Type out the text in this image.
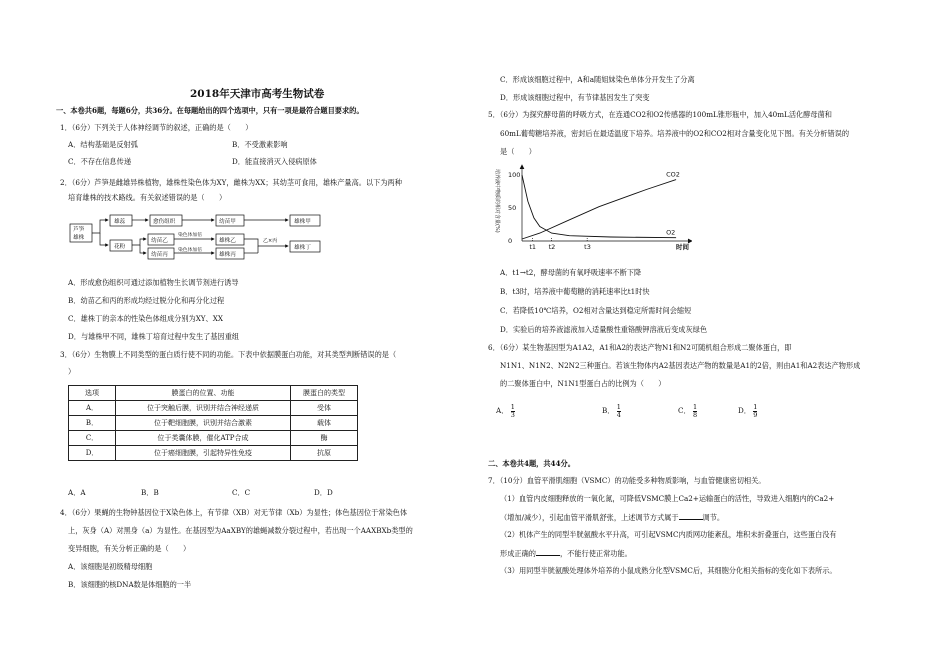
2018年天津市高考生物试卷
一、本卷共6题，每题6分，共36分。在每题给出的四个选项中，只有一项是最符合题目要求的。
1．（6分）下列关于人体神经调节的叙述，正确的是（　　）
A．结构基础是反射弧	B．不受激素影响
C．不存在信息传递	D．能直接消灭入侵病原体
2．（6分）芦笋是雌雄异株植物，雄株性染色体为XY，雌株为XX；其幼茎可食用，雄株产量高。以下为两种
培育雄株的技术路线。有关叙述错误的是（　　）
芦笋
雄株
雄蕊	愈伤组织	幼苗甲	雄株甲
花粉
幼苗乙	雄株乙
幼苗丙	雄株丙
雄株丁
染色体加倍
染色体加倍
乙×丙
A．形成愈伤组织可通过添加植物生长调节剂进行诱导
B．幼苗乙和丙的形成均经过脱分化和再分化过程
C．雄株丁的亲本的性染色体组成分别为XY、XX
D．与雄株甲不同，雄株丁培育过程中发生了基因重组
3．（6分）生物膜上不同类型的蛋白质行使不同的功能。下表中依据膜蛋白功能，对其类型判断错误的是（
）
选项	膜蛋白的位置、功能	膜蛋白的类型
A．	位于突触后膜，识别并结合神经递质	受体
B．	位于靶细胞膜，识别并结合激素	载体
C．	位于类囊体膜，催化ATP合成	酶
D．	位于癌细胞膜，引起特异性免疫	抗原
A．A	B．B	C．C	D．D
4．（6分）果蝇的生物钟基因位于X染色体上，有节律（XB）对无节律（Xb）为显性；体色基因位于常染色体
上，灰身（A）对黑身（a）为显性。在基因型为AaXBY的雄蝇减数分裂过程中，若出现一个AAXBXb类型的
变异细胞，有关分析正确的是（　　）
A．该细胞是初级精母细胞
B．该细胞的核DNA数是体细胞的一半
C．形成该细胞过程中，A和a随姐妹染色单体分开发生了分离
D．形成该细胞过程中，有节律基因发生了突变
5．（6分）为探究酵母菌的呼吸方式，在连通CO2和O2传感器的100mL锥形瓶中，加入40mL活化酵母菌和
60mL葡萄糖培养液，密封后在最适温度下培养。培养液中的O2和CO2相对含量变化见下图。有关分析错误的
是（　　）
t1 t2	t3
100
50
0
时间
培养液中物质的相对含量(%)	CO2
O2
A．t1→t2，酵母菌的有氧呼吸速率不断下降
B．t3时，培养液中葡萄糖的消耗速率比t1时快
C．若降低10℃培养，O2相对含量达到稳定所需时间会缩短
D．实验后的培养液滤液加入适量酸性重铬酸钾溶液后变成灰绿色
6．（6分）某生物基因型为A1A2，A1和A2的表达产物N1和N2可随机组合形成二聚体蛋白，即
N1N1、N1N2、N2N2三种蛋白。若该生物体内A2基因表达产物的数量是A1的2倍，则由A1和A2表达产物形成
的二聚体蛋白中，N1N1型蛋白占的比例为（　　）
A． $\frac{1}{3}$	B． $\frac{1}{4}$	C． $\frac{1}{8}$	D． $\frac{1}{9}$
二、本卷共4题，共44分。
7．（10分）血管平滑肌细胞（VSMC）的功能受多种物质影响，与血管健康密切相关。
（1）血管内皮细胞释放的一氧化氮，可降低VSMC膜上Ca2+运输蛋白的活性，导致进入细胞内的Ca2+
（增加/减少），引起血管平滑肌舒张，上述调节方式属于	调节。
（2）机体产生的同型半胱氨酸水平升高，可引起VSMC内质网功能紊乱，堆积未折叠蛋白，这些蛋白没有
形成正确的	，不能行使正常功能。
（3）用同型半胱氨酸处理体外培养的小鼠成熟分化型VSMC后，其细胞分化相关指标的变化如下表所示。
